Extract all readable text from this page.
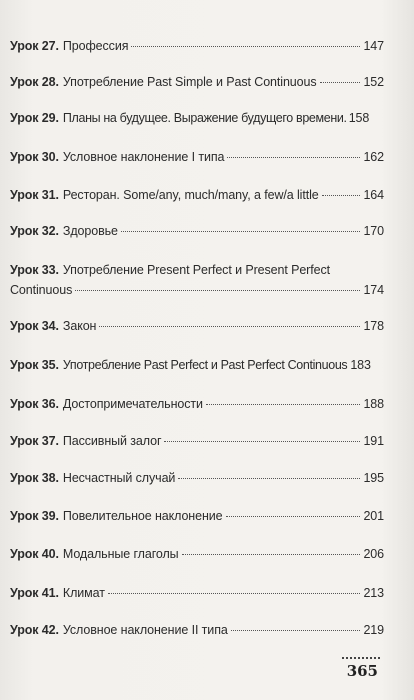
Урок 27. Профессия	147
Урок 28. Употребление Past Simple и Past Continuous	152
Урок 29. Планы на будущее. Выражение будущего времени. 158
Урок 30. Условное наклонение I типа	162
Урок 31. Ресторан. Some/any, much/many, a few/a little	164
Урок 32. Здоровье	170
Урок 33. Употребление Present Perfect и Present Perfect
Continuous	174
Урок 34. Закон	178
Урок 35. Употребление Past Perfect и Past Perfect Continuous 183
Урок 36. Достопримечательности	188
Урок 37. Пассивный залог	191
Урок 38. Несчастный случай	195
Урок 39. Повелительное наклонение	201
Урок 40. Модальные глаголы	206
Урок 41. Климат	213
Урок 42. Условное наклонение II типа	219
365
